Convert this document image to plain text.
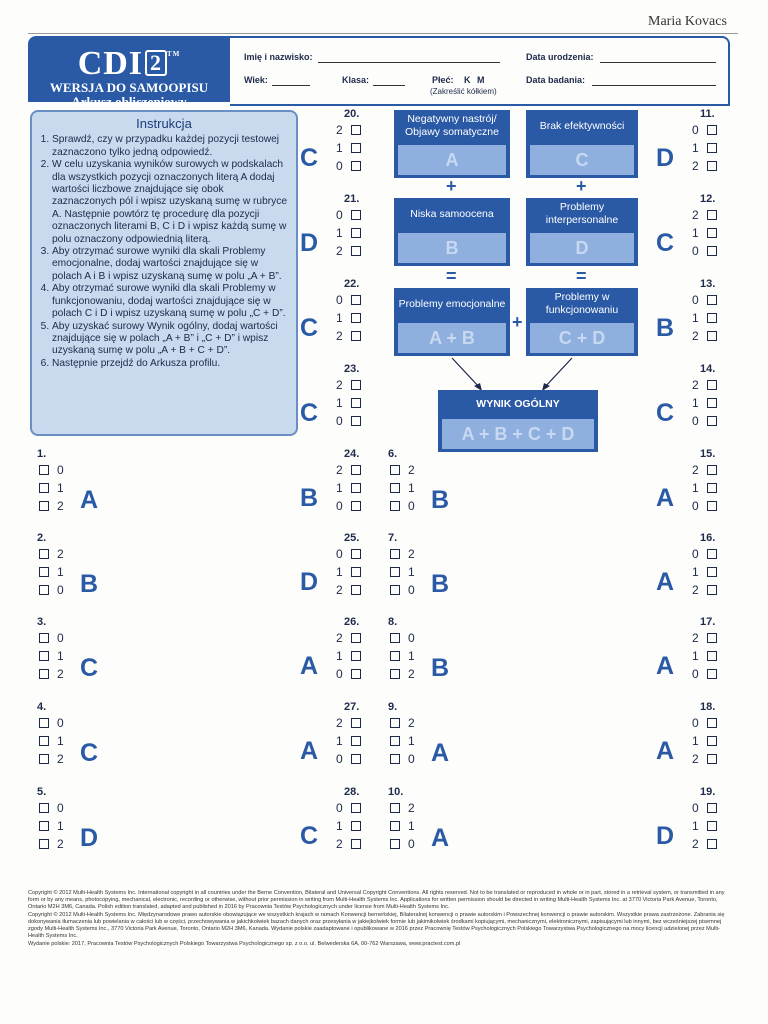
Maria Kovacs
CDI 2 ™
WERSJA DO SAMOOPISU
Arkusz obliczeniowy
Imię i nazwisko:	Data urodzenia:
Wiek:	Klasa:	Płeć: K M
(Zakreślić kółkiem)
Data badania:
Instrukcja
1. Sprawdź, czy w przypadku każdej pozycji testowej zaznaczono tylko jedną odpowiedź.
2. W celu uzyskania wyników surowych w podskalach dla wszystkich pozycji oznaczonych literą A dodaj wartości liczbowe znajdujące się obok zaznaczonych pól i wpisz uzyskaną sumę w rubryce A. Następnie powtórz tę procedurę dla pozycji oznaczonych literami B, C i D i wpisz każdą sumę w polu oznaczony odpowiednią literą.
3. Aby otrzymać surowe wyniki dla skali Problemy emocjonalne, dodaj wartości znajdujące się w polach A i B i wpisz uzyskaną sumę w polu „A + B”.
4. Aby otrzymać surowe wyniki dla skali Problemy w funkcjonowaniu, dodaj wartości znajdujące się w polach C i D i wpisz uzyskaną sumę w polu „C + D”.
5. Aby uzyskać surowy Wynik ogólny, dodaj wartości znajdujące się w polach „A + B” i „C + D” i wpisz uzyskaną sumę w polu „A + B + C + D”.
6. Następnie przejdź do Arkusza profilu.
Negatywny nastrój/ Objawy somatyczne
A
Brak efektywności
C
+	+
Niska samoocena
B
Problemy interpersonalne
D
=	=
Problemy emocjonalne
A + B
+
Problemy w funkcjonowaniu
C + D
WYNIK OGÓLNY
A + B + C + D
1.
0
1
2 A
2.
2
1
0 B
3.
0
1
2 C
4.
0
1
2 C
5.
0
1
2 D
6.
2
1
0 B
7.
2
1
0 B
8.
0
1
2 B
9.
2
1
0 A
10.
2
1
0 A
11.
0
1
2
D
12.
2
1
0
C
13.
0
1
2
B
14.
2
1
0
C
15.
2
1
0
A
16.
0
1
2
A
17.
2
1
0
A
18.
0
1
2
A
19.
0
1
2
D
20.
2
1
0
C
21.
0
1
2
D
22.
0
1
2
C
23.
2
1
0
C
24.
2
1
0
B
25.
0
1
2
D
26.
2
1
0
A
27.
2
1
0
A
28.
0
1
2
C

Copyright © 2012 Multi-Health Systems Inc. International copyright in all countries under the Berne Convention, Bilateral and Universal Copyright Conventions. All rights reserved. Not to be translated or reproduced in whole or in part, stored in a retrieval system, or transmitted in any form or by any means, photocopying, mechanical, electronic, recording or otherwise, without prior permission in writing from Multi-Health Systems Inc. Applications for written permission should be directed in writing Multi-Health Systems Inc. at 3770 Victoria Park Avenue, Toronto, Ontario M2H 3M6, Canada. Polish edition translated, adapted and published in 2016 by Pracownia Testów Psychologicznych under license from Multi-Health Systems Inc.

Copyright © 2012 Multi-Health Systems Inc. Międzynarodowe prawo autorskie obowiązujące we wszystkich krajach w ramach Konwencji berneńskiej, Bilateralnej konwencji o prawie autorskim i Powszechnej konwencji o prawie autorskim. Wszystkie prawa zastrzeżone. Zabrania się dokonywania tłumaczenia lub powielania w całości lub w części, przechowywania w jakichkolwiek bazach danych oraz przesyłania w jakiejkolwiek formie lub jakimikolwiek środkami kopiującymi, mechanicznymi, elektronicznymi, zapisującymi lub innymi, bez wcześniejszej pisemnej zgody Multi-Health Systems Inc., 3770 Victoria Park Avenue, Toronto, Ontario M2H 3M6, Kanada. Wydanie polskie zaadaptowane i opublikowane w 2016 przez Pracownię Testów Psychologicznych Polskiego Towarzystwa Psychologicznego na mocy licencji udzielonej przez Multi-Health Systems Inc.

Wydanie polskie: 2017, Pracownia Testów Psychologicznych Polskiego Towarzystwa Psychologicznego sp. z o.o. ul. Belwederska 6A, 00-762 Warszawa, www.practest.com.pl
